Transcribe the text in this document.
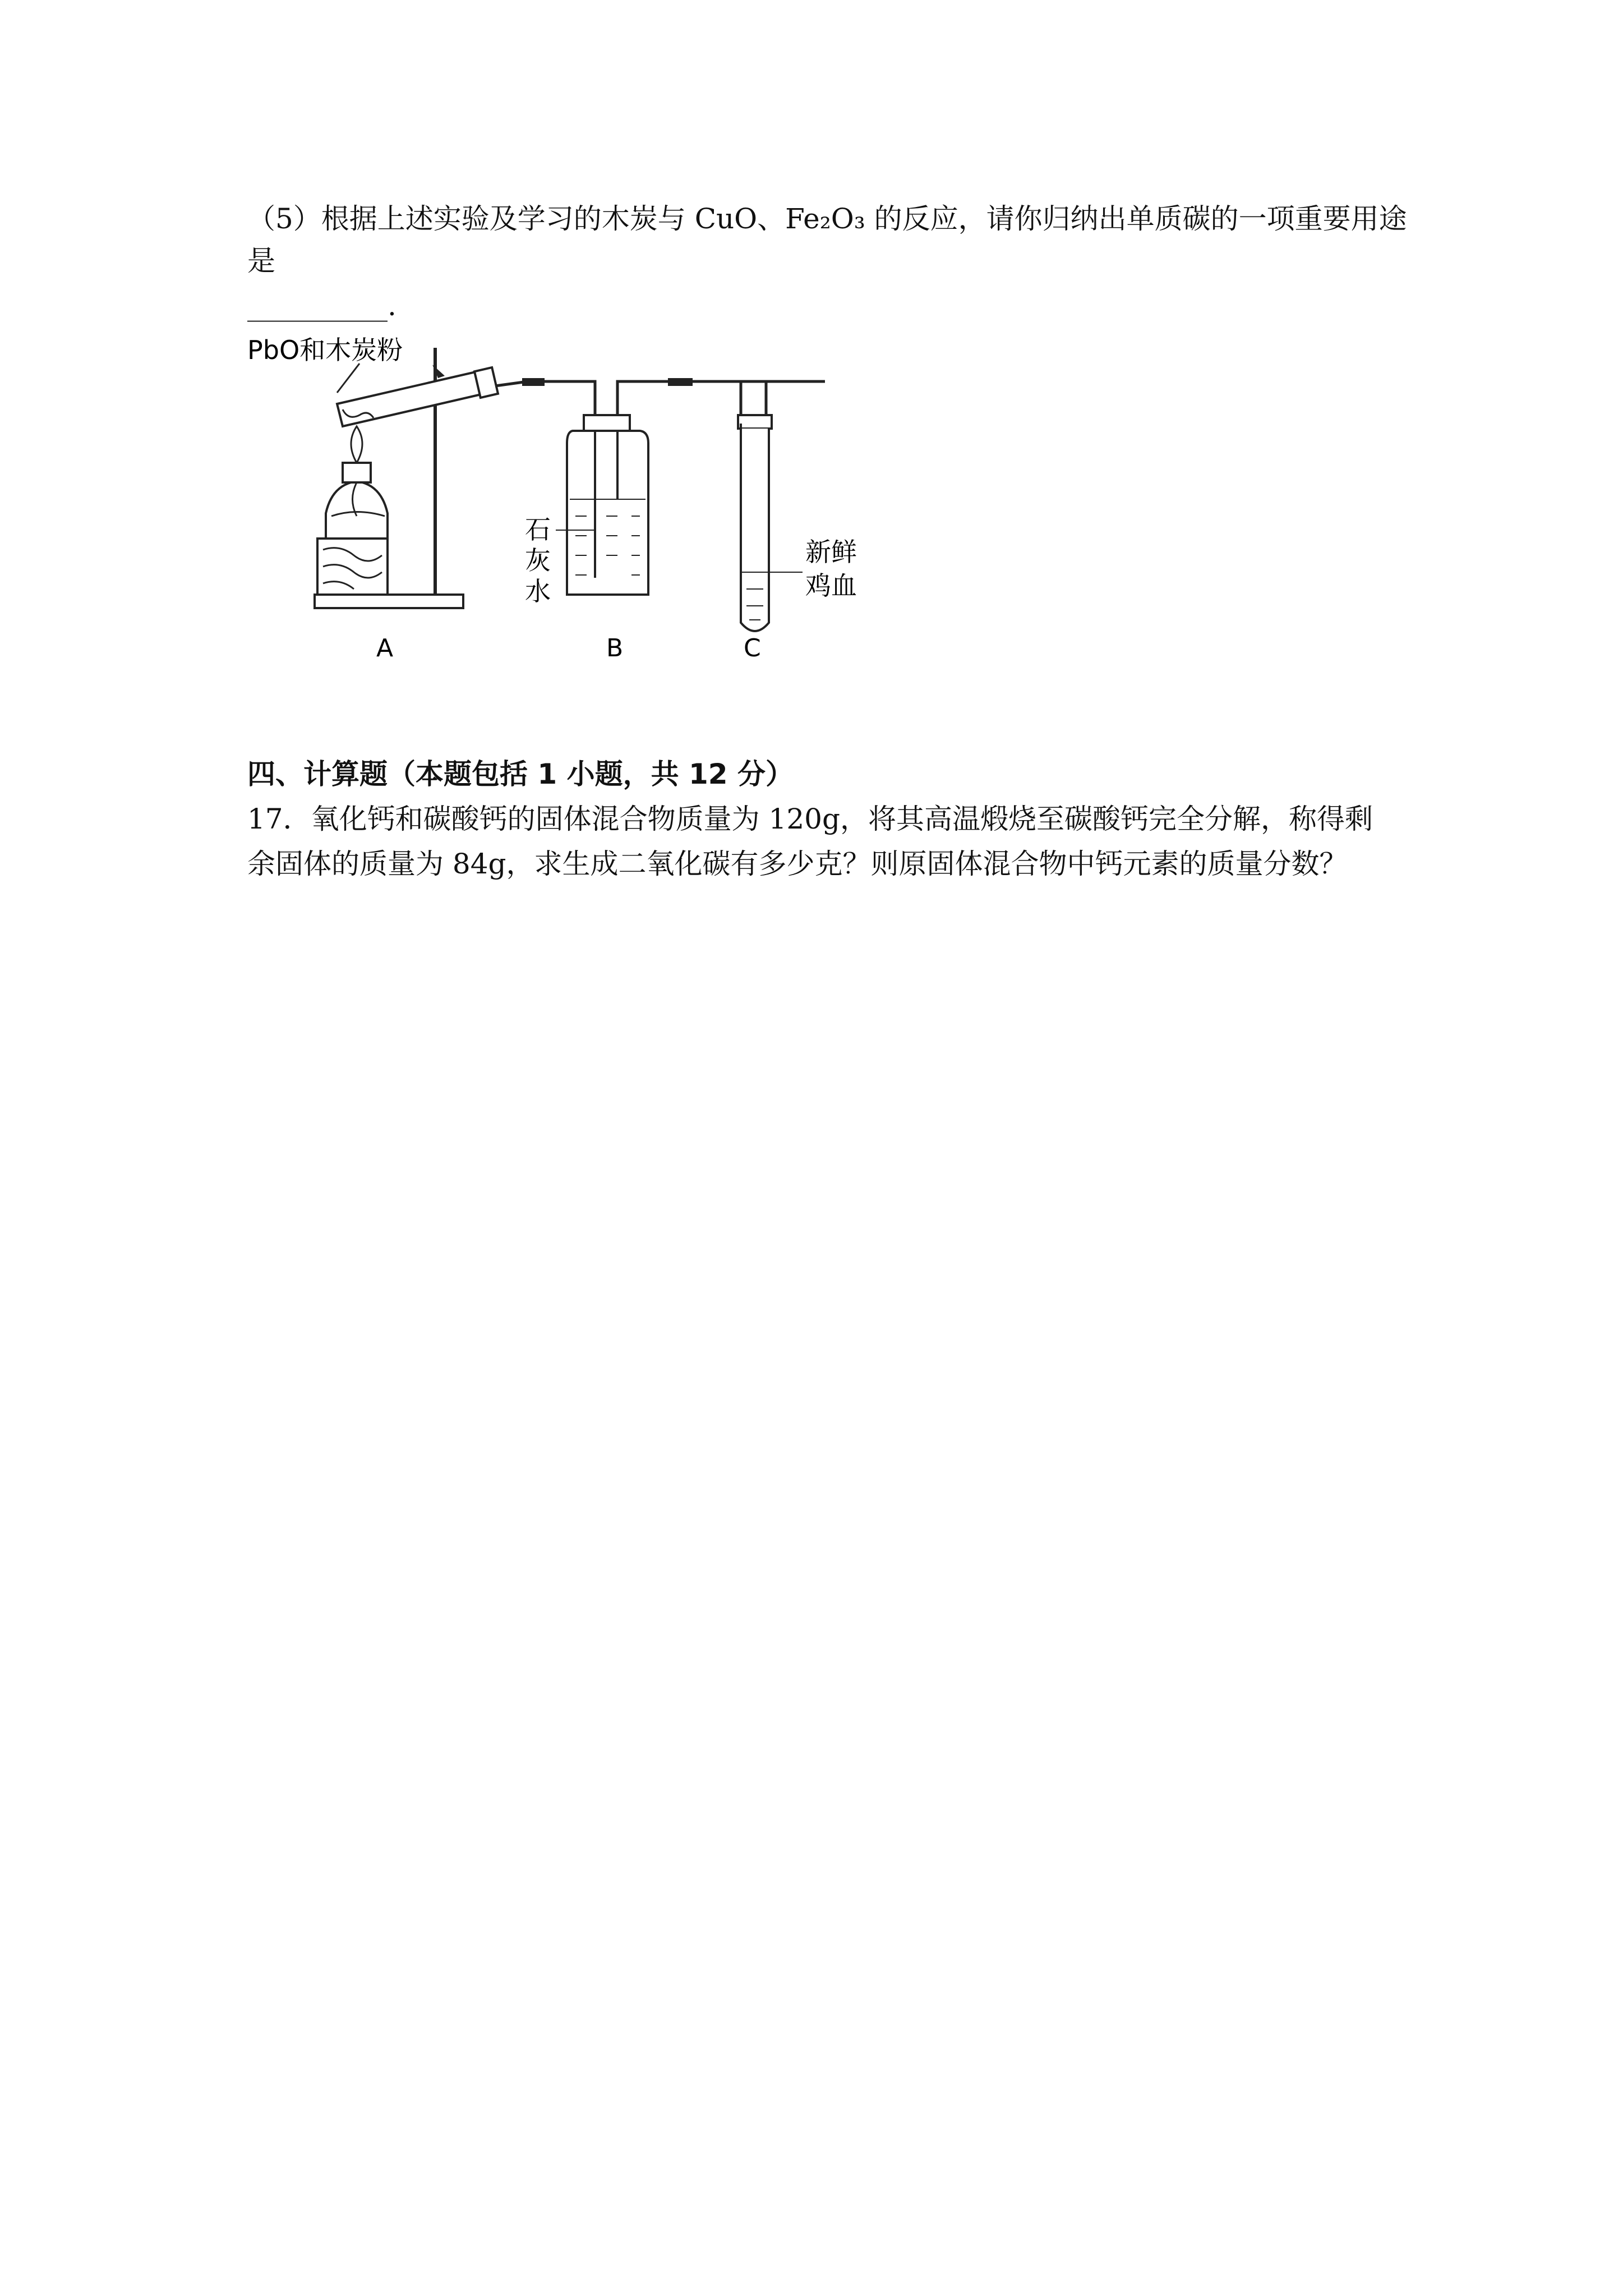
（5）根据上述实验及学习的木炭与 CuO、Fe₂O₃ 的反应，请你归纳出单质碳的一项重要用途
是
__________.
PbO和木炭粉
石
灰
水
新鲜
鸡血
A	B	C
四、计算题（本题包括 1 小题，共 12 分）
17．氧化钙和碳酸钙的固体混合物质量为 120g，将其高温煅烧至碳酸钙完全分解，称得剩
余固体的质量为 84g，求生成二氧化碳有多少克？则原固体混合物中钙元素的质量分数？
